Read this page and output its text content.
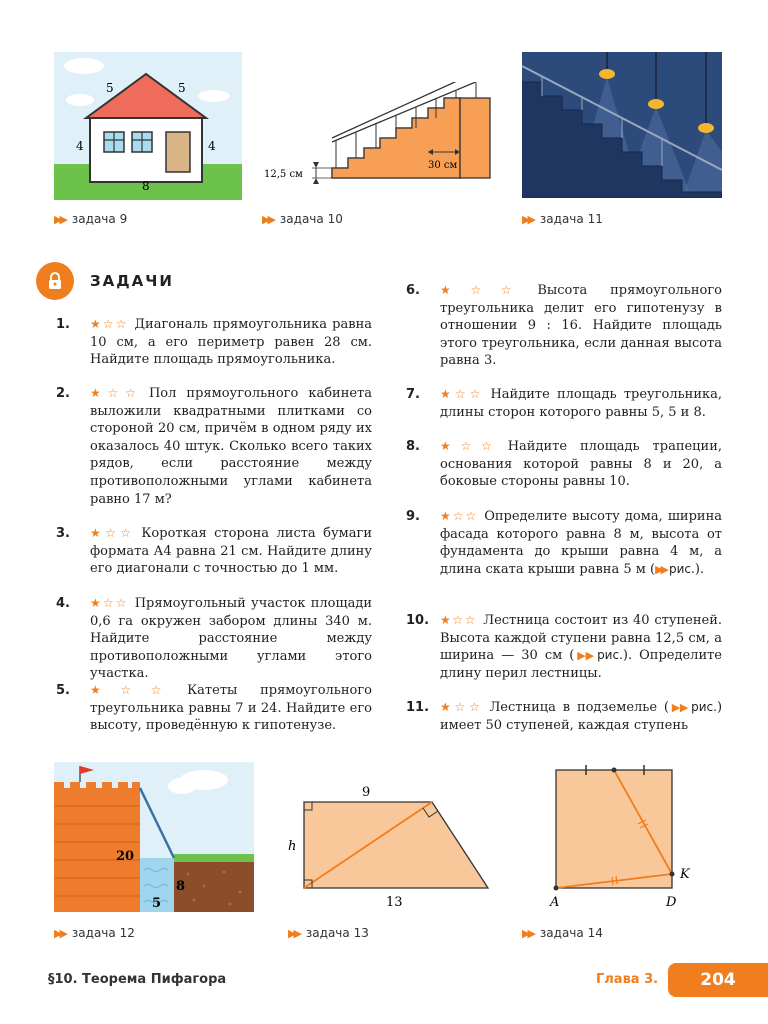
5	5
4	4
8
▶▶ задача 9
12,5 см
30 см
▶▶ задача 10	▶▶ задача 11
ЗАДАЧИ
1.	★☆☆ Диагональ прямоугольника равна 10 см, а его периметр равен 28 см. Найдите площадь прямоугольника.
2.	★☆☆ Пол прямоугольного кабинета выложили квадратными плитками со стороной 20 см, причём в одном ряду их оказалось 40 штук. Сколько всего таких рядов, если расстояние между противоположными углами кабинета равно 17 м?
3.	★☆☆ Короткая сторона листа бумаги формата А4 равна 21 см. Найдите длину его диагонали с точностью до 1 мм.
4.	★☆☆ Прямоугольный участок площади 0,6 га окружен забором длины 340 м. Найдите расстояние между противоположными углами этого участка.
5.	★☆☆ Катеты прямоугольного треугольника равны 7 и 24. Найдите его высоту, проведённую к гипотенузе.
6.	★☆☆ Высота прямоугольного треугольника делит его гипотенузу в отношении 9 : 16. Найдите площадь этого треугольника, если данная высота равна 3.
7.	★☆☆ Найдите площадь треугольника, длины сторон которого равны 5, 5 и 8.
8.	★☆☆ Найдите площадь трапеции, основания которой равны 8 и 20, а боковые стороны равны 10.
9.	★☆☆ Определите высоту дома, ширина фасада которого равна 8 м, высота от фундамента до крыши равна 4 м, а длина ската крыши равна 5 м (▶▶ рис.).
10. ★☆☆ Лестница состоит из 40 ступеней. Высота каждой ступени равна 12,5 см, а ширина — 30 см (▶▶ рис.). Определите длину перил лестницы.
11. ★☆☆ Лестница в подземелье (▶▶ рис.) имеет 50 ступеней, каждая ступень
20
5
8
▶▶ задача 12
9
h
13
▶▶ задача 13
A	D
K
▶▶ задача 14
§10. Теорема Пифагора	Глава 3.	204
